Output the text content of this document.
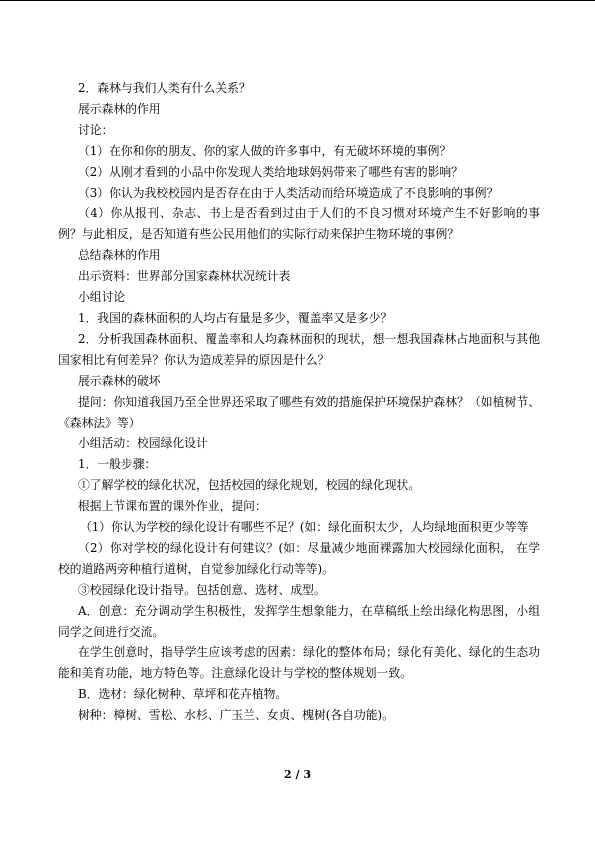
2．森林与我们人类有什么关系？

展示森林的作用

讨论：

（1）在你和你的朋友、你的家人做的许多事中，有无破坏环境的事例？

（2）从刚才看到的小品中你发现人类给地球妈妈带来了哪些有害的影响？

（3）你认为我校校园内是否存在由于人类活动而给环境造成了不良影响的事例？

（4）你从报刊、杂志、书上是否看到过由于人们的不良习惯对环境产生不好影响的事例？与此相反，是否知道有些公民用他们的实际行动来保护生物环境的事例？

总结森林的作用

出示资料：世界部分国家森林状况统计表

小组讨论

1．我国的森林面积的人均占有量是多少，覆盖率又是多少？

2．分析我国森林面积、覆盖率和人均森林面积的现状，想一想我国森林占地面积与其他国家相比有何差异？你认为造成差异的原因是什么？

展示森林的破坏

提问：你知道我国乃至全世界还采取了哪些有效的措施保护环境保护森林？（如植树节、《森林法》等）

小组活动：校园绿化设计

1．一般步骤：

①了解学校的绿化状况，包括校园的绿化规划，校园的绿化现状。

根据上节课布置的课外作业，提问：

（1）你认为学校的绿化设计有哪些不足？(如：绿化面积太少，人均绿地面积更少等等

（2）你对学校的绿化设计有何建议？(如：尽量减少地面裸露加大校园绿化面积， 在学校的道路两旁种植行道树，自觉参加绿化行动等等)。

③校园绿化设计指导。包括创意、选材、成型。

A．创意：充分调动学生积极性，发挥学生想象能力，在草稿纸上绘出绿化构思图，小组同学之间进行交流。

在学生创意时，指导学生应该考虑的因素：绿化的整体布局；绿化有美化、绿化的生态功能和美育功能，地方特色等。注意绿化设计与学校的整体规划一致。

B．选材：绿化树种、草坪和花卉植物。

树种：樟树、雪松、水杉、广玉兰、女贞、槐树(各自功能)。

2 / 3
